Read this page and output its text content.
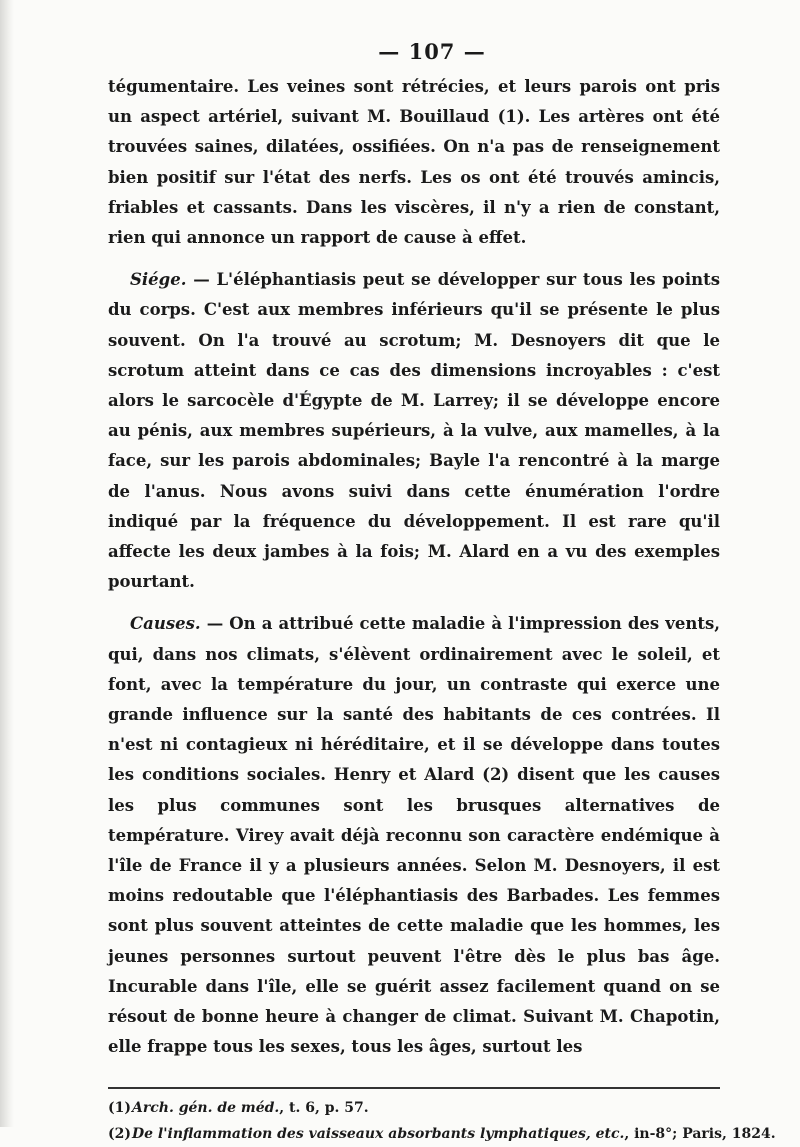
— 107 —

tégumentaire. Les veines sont rétrécies, et leurs parois ont pris un aspect artériel, suivant M. Bouillaud (1). Les artères ont été trouvées saines, dilatées, ossifiées. On n'a pas de renseignement bien positif sur l'état des nerfs. Les os ont été trouvés amincis, friables et cassants. Dans les viscères, il n'y a rien de constant, rien qui annonce un rapport de cause à effet.

Siége. — L'éléphantiasis peut se développer sur tous les points du corps. C'est aux membres inférieurs qu'il se présente le plus souvent. On l'a trouvé au scrotum; M. Desnoyers dit que le scrotum atteint dans ce cas des dimensions incroyables : c'est alors le sarcocèle d'Égypte de M. Larrey; il se développe encore au pénis, aux membres supérieurs, à la vulve, aux mamelles, à la face, sur les parois abdominales; Bayle l'a rencontré à la marge de l'anus. Nous avons suivi dans cette énumération l'ordre indiqué par la fréquence du développement. Il est rare qu'il affecte les deux jambes à la fois; M. Alard en a vu des exemples pourtant.

Causes. — On a attribué cette maladie à l'impression des vents, qui, dans nos climats, s'élèvent ordinairement avec le soleil, et font, avec la température du jour, un contraste qui exerce une grande influence sur la santé des habitants de ces contrées. Il n'est ni contagieux ni héréditaire, et il se développe dans toutes les conditions sociales. Henry et Alard (2) disent que les causes les plus communes sont les brusques alternatives de température. Virey avait déjà reconnu son caractère endémique à l'île de France il y a plusieurs années. Selon M. Desnoyers, il est moins redoutable que l'éléphantiasis des Barbades. Les femmes sont plus souvent atteintes de cette maladie que les hommes, les jeunes personnes surtout peuvent l'être dès le plus bas âge. Incurable dans l'île, elle se guérit assez facilement quand on se résout de bonne heure à changer de climat. Suivant M. Chapotin, elle frappe tous les sexes, tous les âges, surtout les

(1)Arch. gén. de méd., t. 6, p. 57.

(2)De l'inflammation des vaisseaux absorbants lymphatiques, etc., in-8°; Paris, 1824.
